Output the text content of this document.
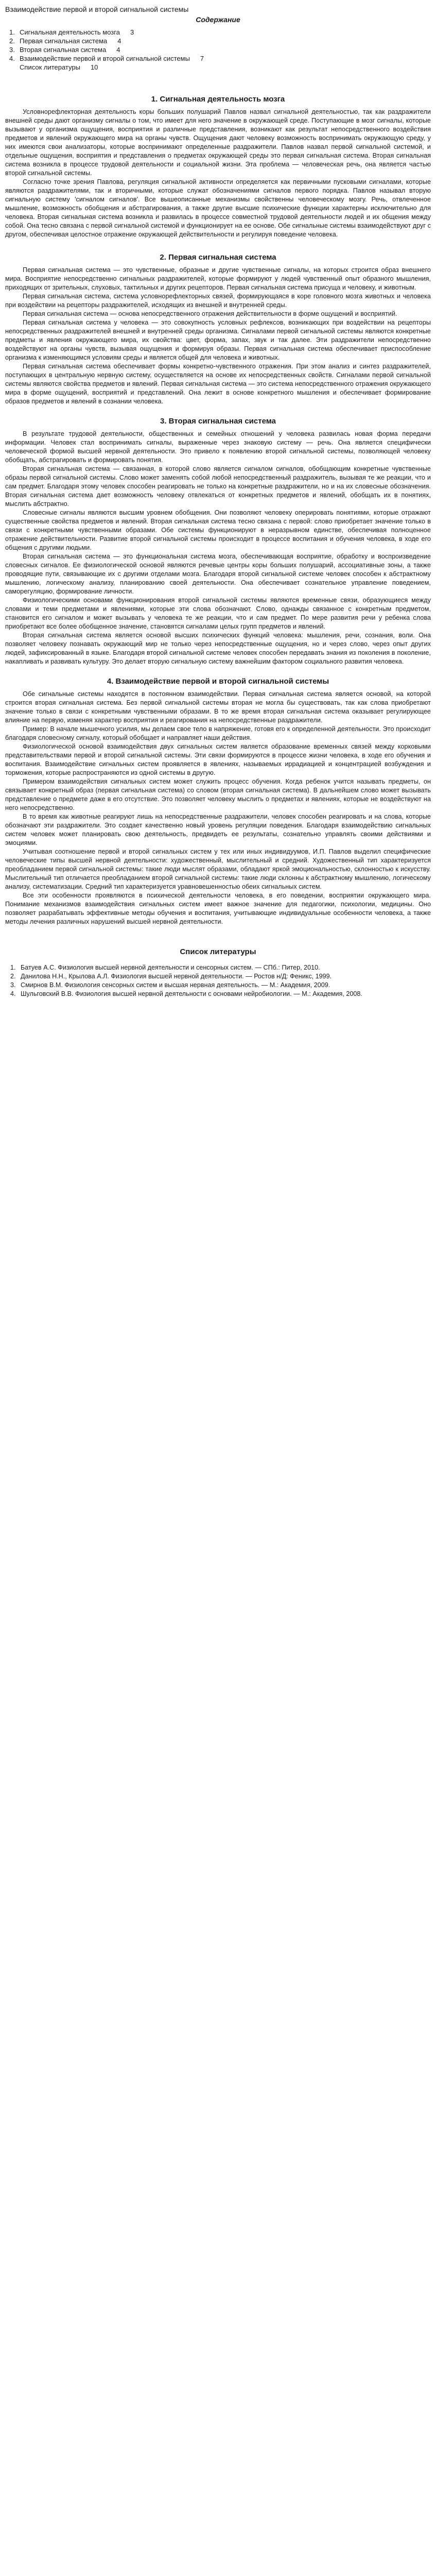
Взаимодействие первой и второй сигнальной системы
Содержание
1. Сигнальная деятельность мозга 3
2. Первая сигнальная система 4
3. Вторая сигнальная система 4
4. Взаимодействие первой и второй сигнальной системы 7
Список литературы 10
1. Сигнальная деятельность мозга

Условнорефлекторная деятельность коры больших полушарий Павлов назвал сигнальной деятельностью, так как раздражители внешней среды дают организму сигналы о том, что имеет для него значение в окружающей среде. Поступающие в мозг сигналы, которые вызывают у организма ощущения, восприятия и различные представления, возникают как результат непосредственного воздействия предметов и явлений окружающего мира на органы чувств. Ощущения дают человеку возможность воспринимать окружающую среду, у них имеются свои анализаторы, которые воспринимают определенные раздражители. Павлов назвал первой сигнальной системой, и отдельные ощущения, восприятия и представления о предметах окружающей среды это первая сигнальная система. Вторая сигнальная система возникла в процессе трудовой деятельности и социальной жизни. Эта проблема — человеческая речь, она является частью второй сигнальной системы.

Согласно точке зрения Павлова, регуляция сигнальной активности определяется как первичными пусковыми сигналами, которые являются раздражителями, так и вторичными, которые служат обозначениями сигналов первого порядка. Павлов называл вторую сигнальную систему 'сигналом сигналов'. Все вышеописанные механизмы свойственны человеческому мозгу. Речь, отвлеченное мышление, возможность обобщения и абстрагирования, а также другие высшие психические функции характерны исключительно для человека. Вторая сигнальная система возникла и развилась в процессе совместной трудовой деятельности людей и их общения между собой. Она тесно связана с первой сигнальной системой и функционирует на ее основе. Обе сигнальные системы взаимодействуют друг с другом, обеспечивая целостное отражение окружающей действительности и регулируя поведение человека.

2. Первая сигнальная система

Первая сигнальная система — это чувственные, образные и другие чувственные сигналы, на которых строится образ внешнего мира. Восприятие непосредственно сигнальных раздражителей, которые формируют у людей чувственный опыт образного мышления, приходящих от зрительных, слуховых, тактильных и других рецепторов. Первая сигнальная система присуща и человеку, и животным.

Первая сигнальная система, система условнорефлекторных связей, формирующаяся в коре головного мозга животных и человека при воздействии на рецепторы раздражителей, исходящих из внешней и внутренней среды.

Первая сигнальная система — основа непосредственного отражения действительности в форме ощущений и восприятий.

Первая сигнальная система у человека — это совокупность условных рефлексов, возникающих при воздействии на рецепторы непосредственных раздражителей внешней и внутренней среды организма. Сигналами первой сигнальной системы являются конкретные предметы и явления окружающего мира, их свойства: цвет, форма, запах, звук и так далее. Эти раздражители непосредственно воздействуют на органы чувств, вызывая ощущения и формируя образы. Первая сигнальная система обеспечивает приспособление организма к изменяющимся условиям среды и является общей для человека и животных.

Первая сигнальная система обеспечивает формы конкретно-чувственного отражения. При этом анализ и синтез раздражителей, поступающих в центральную нервную систему, осуществляется на основе их непосредственных свойств. Сигналами первой сигнальной системы являются свойства предметов и явлений. Первая сигнальная система — это система непосредственного отражения окружающего мира в форме ощущений, восприятий и представлений. Она лежит в основе конкретного мышления и обеспечивает формирование образов предметов и явлений в сознании человека.

3. Вторая сигнальная система

В результате трудовой деятельности, общественных и семейных отношений у человека развилась новая форма передачи информации. Человек стал воспринимать сигналы, выраженные через знаковую систему — речь. Она является специфически человеческой формой высшей нервной деятельности. Это привело к появлению второй сигнальной системы, позволяющей человеку обобщать, абстрагировать и формировать понятия.

Вторая сигнальная система — связанная, в которой слово является сигналом сигналов, обобщающим конкретные чувственные образы первой сигнальной системы. Слово может заменять собой любой непосредственный раздражитель, вызывая те же реакции, что и сам предмет. Благодаря этому человек способен реагировать не только на конкретные раздражители, но и на их словесные обозначения. Вторая сигнальная система дает возможность человеку отвлекаться от конкретных предметов и явлений, обобщать их в понятиях, мыслить абстрактно.

Словесные сигналы являются высшим уровнем обобщения. Они позволяют человеку оперировать понятиями, которые отражают существенные свойства предметов и явлений. Вторая сигнальная система тесно связана с первой: слово приобретает значение только в связи с конкретными чувственными образами. Обе системы функционируют в неразрывном единстве, обеспечивая полноценное отражение действительности. Развитие второй сигнальной системы происходит в процессе воспитания и обучения человека, в ходе его общения с другими людьми.

Вторая сигнальная система — это функциональная система мозга, обеспечивающая восприятие, обработку и воспроизведение словесных сигналов. Ее физиологической основой являются речевые центры коры больших полушарий, ассоциативные зоны, а также проводящие пути, связывающие их с другими отделами мозга. Благодаря второй сигнальной системе человек способен к абстрактному мышлению, логическому анализу, планированию своей деятельности. Она обеспечивает сознательное управление поведением, саморегуляцию, формирование личности.

Физиологическими основами функционирования второй сигнальной системы являются временные связи, образующиеся между словами и теми предметами и явлениями, которые эти слова обозначают. Слово, однажды связанное с конкретным предметом, становится его сигналом и может вызывать у человека те же реакции, что и сам предмет. По мере развития речи у ребенка слова приобретают все более обобщенное значение, становятся сигналами целых групп предметов и явлений.

Вторая сигнальная система является основой высших психических функций человека: мышления, речи, сознания, воли. Она позволяет человеку познавать окружающий мир не только через непосредственные ощущения, но и через слово, через опыт других людей, зафиксированный в языке. Благодаря второй сигнальной системе человек способен передавать знания из поколения в поколение, накапливать и развивать культуру. Это делает вторую сигнальную систему важнейшим фактором социального развития человека.

4. Взаимодействие первой и второй сигнальной системы

Обе сигнальные системы находятся в постоянном взаимодействии. Первая сигнальная система является основой, на которой строится вторая сигнальная система. Без первой сигнальной системы вторая не могла бы существовать, так как слова приобретают значение только в связи с конкретными чувственными образами. В то же время вторая сигнальная система оказывает регулирующее влияние на первую, изменяя характер восприятия и реагирования на непосредственные раздражители.

Пример: В начале мышечного усилия, мы делаем свое тело в напряжение, готовя его к определенной деятельности. Это происходит благодаря словесному сигналу, который обобщает и направляет наши действия.

Физиологической основой взаимодействия двух сигнальных систем является образование временных связей между корковыми представительствами первой и второй сигнальной системы. Эти связи формируются в процессе жизни человека, в ходе его обучения и воспитания. Взаимодействие сигнальных систем проявляется в явлениях, называемых иррадиацией и концентрацией возбуждения и торможения, которые распространяются из одной системы в другую.

Примером взаимодействия сигнальных систем может служить процесс обучения. Когда ребенок учится называть предметы, он связывает конкретный образ (первая сигнальная система) со словом (вторая сигнальная система). В дальнейшем слово может вызывать представление о предмете даже в его отсутствие. Это позволяет человеку мыслить о предметах и явлениях, которые не воздействуют на него непосредственно.

В то время как животные реагируют лишь на непосредственные раздражители, человек способен реагировать и на слова, которые обозначают эти раздражители. Это создает качественно новый уровень регуляции поведения. Благодаря взаимодействию сигнальных систем человек может планировать свою деятельность, предвидеть ее результаты, сознательно управлять своими действиями и эмоциями.

Учитывая соотношение первой и второй сигнальных систем у тех или иных индивидуумов, И.П. Павлов выделил специфические человеческие типы высшей нервной деятельности: художественный, мыслительный и средний. Художественный тип характеризуется преобладанием первой сигнальной системы: такие люди мыслят образами, обладают яркой эмоциональностью, склонностью к искусству. Мыслительный тип отличается преобладанием второй сигнальной системы: такие люди склонны к абстрактному мышлению, логическому анализу, систематизации. Средний тип характеризуется уравновешенностью обеих сигнальных систем.

Все эти особенности проявляются в психической деятельности человека, в его поведении, восприятии окружающего мира. Понимание механизмов взаимодействия сигнальных систем имеет важное значение для педагогики, психологии, медицины. Оно позволяет разрабатывать эффективные методы обучения и воспитания, учитывающие индивидуальные особенности человека, а также методы лечения различных нарушений высшей нервной деятельности.

Список литературы
1. Батуев А.С. Физиология высшей нервной деятельности и сенсорных систем. — СПб.: Питер, 2010.
2. Данилова Н.Н., Крылова А.Л. Физиология высшей нервной деятельности. — Ростов н/Д: Феникс, 1999.
3. Смирнов В.М. Физиология сенсорных систем и высшая нервная деятельность. — М.: Академия, 2009.
4. Шульговский В.В. Физиология высшей нервной деятельности с основами нейробиологии. — М.: Академия, 2008.
